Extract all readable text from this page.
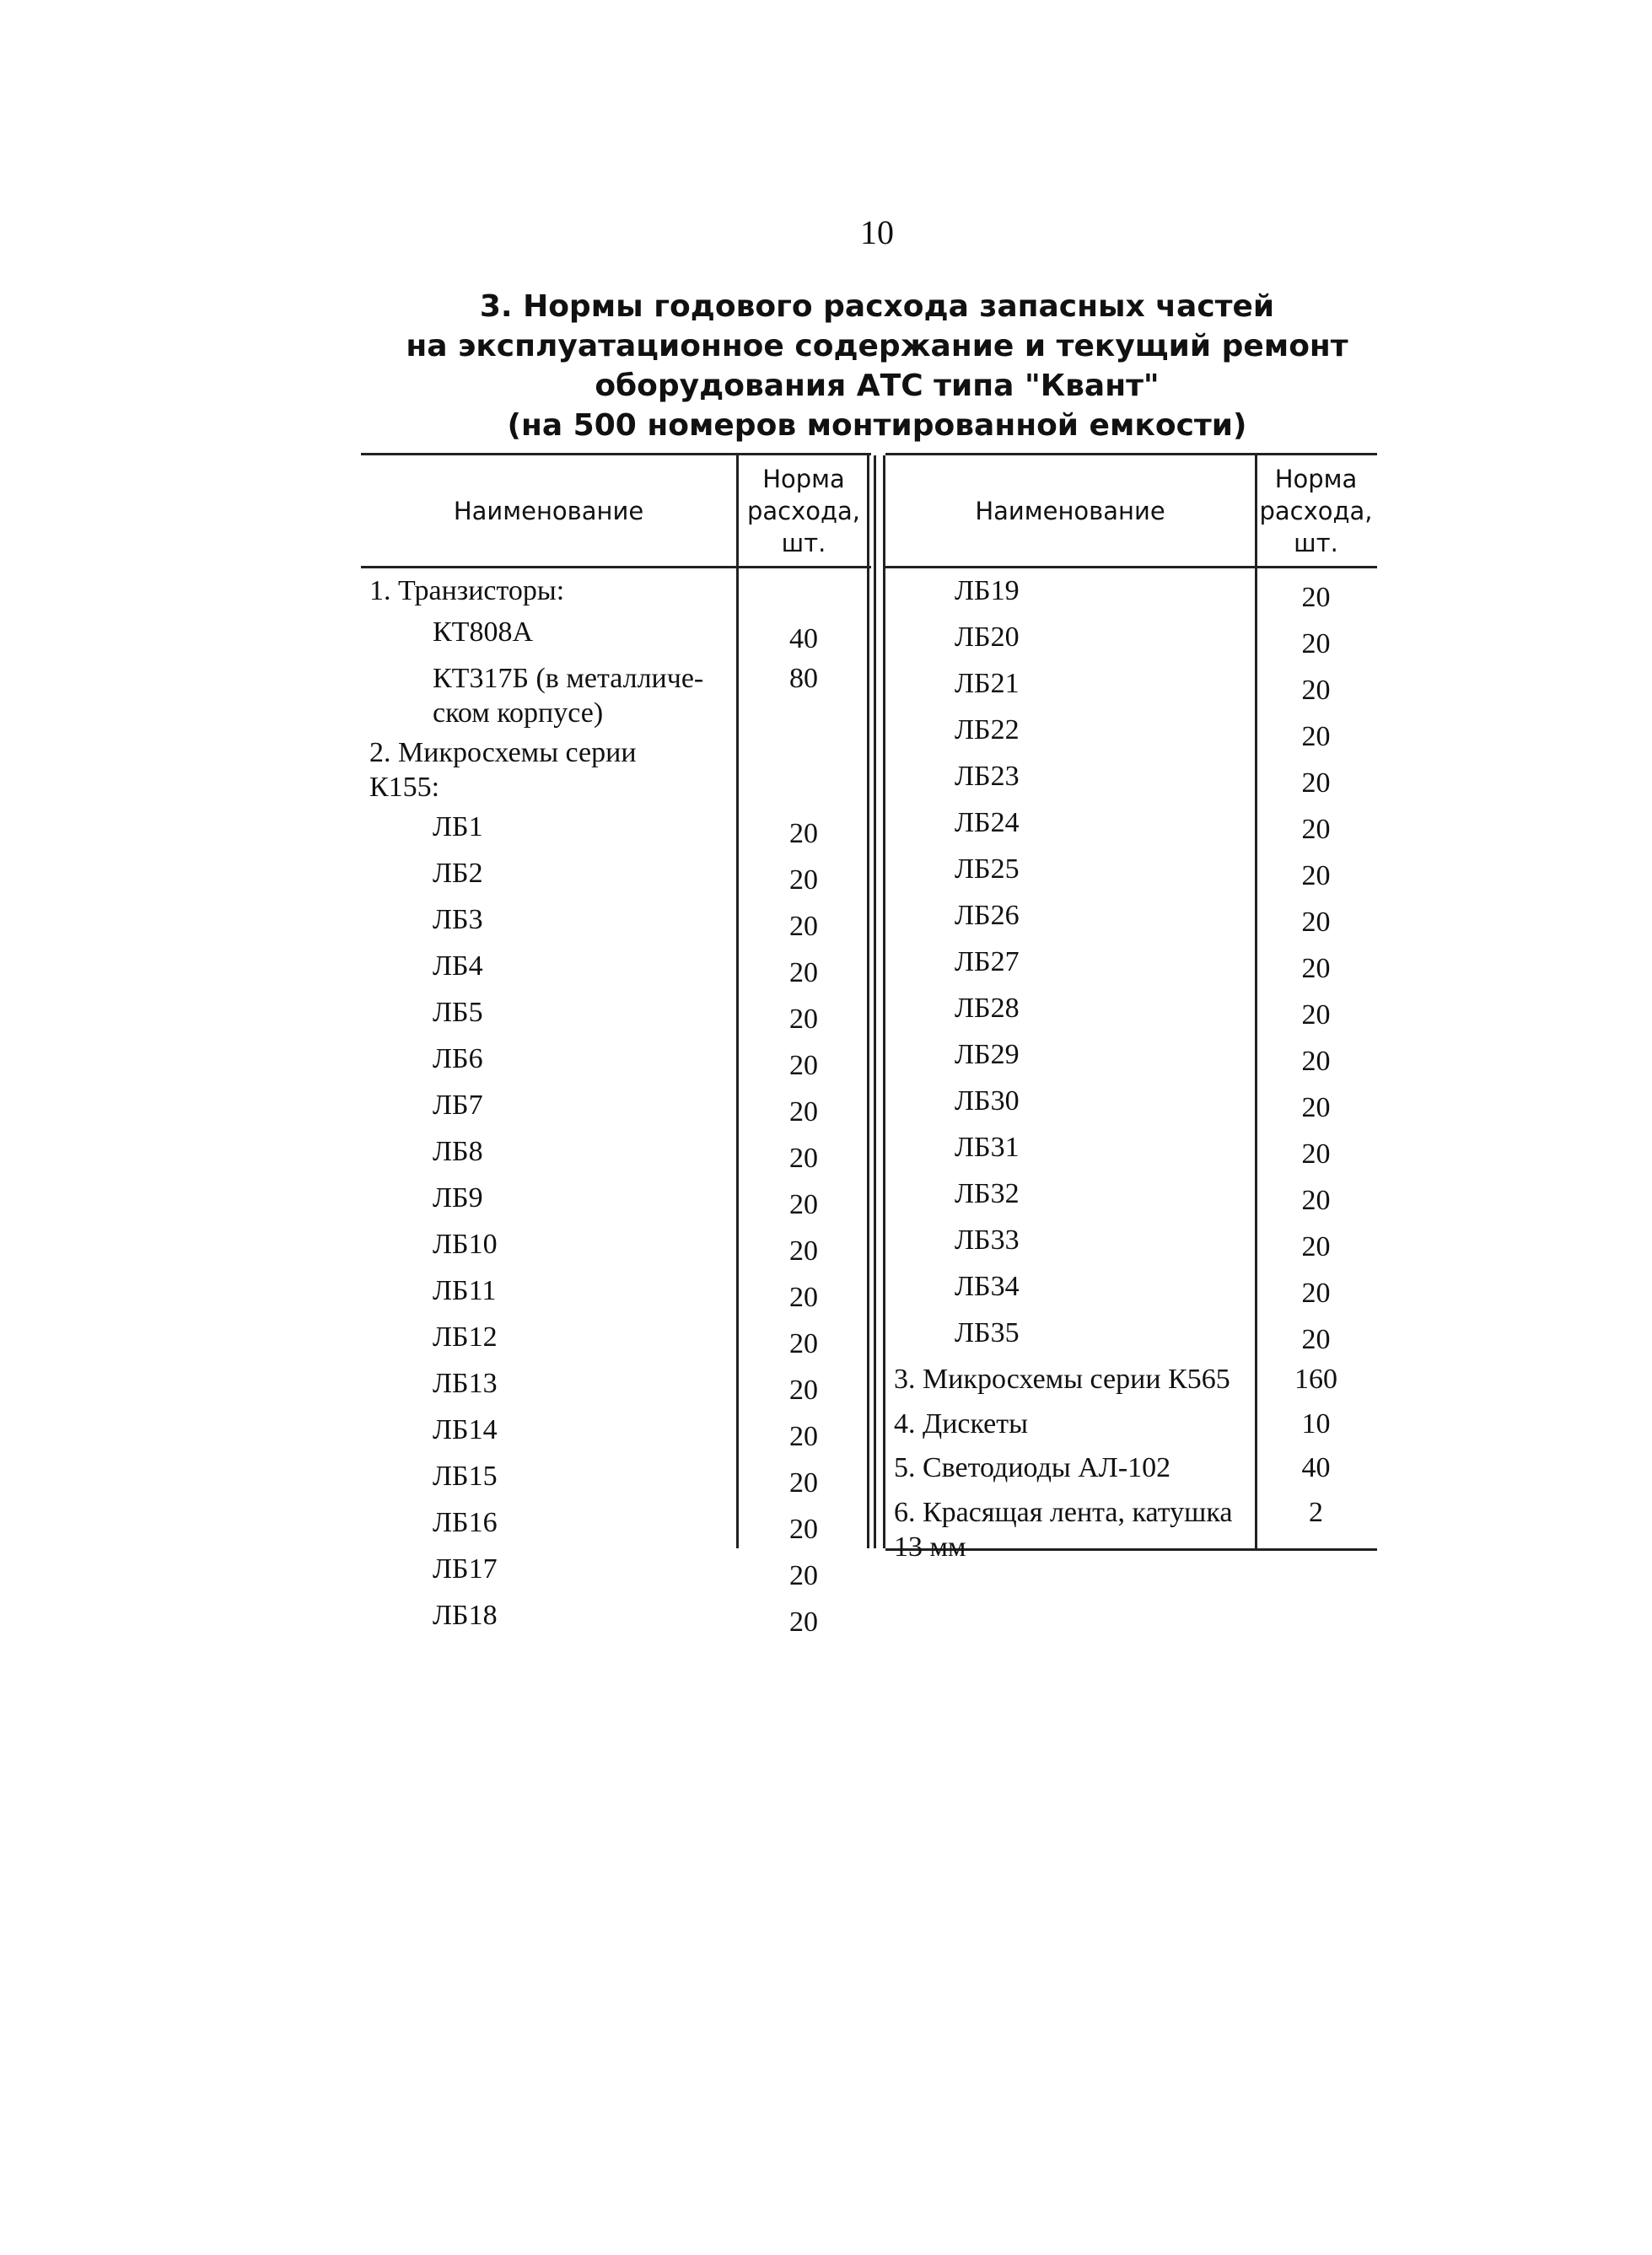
10
3. Нормы годового расхода запасных частей
на эксплуатационное содержание и текущий ремонт
оборудования АТС типа "Квант"
(на 500 номеров монтированной емкости)
Наименование
Норма
расхода,
шт.
1. Транзисторы:
КТ808А	40
КТ317Б (в металличе-
ском корпусе)
80
2. Микросхемы серии
К155:
ЛБ1	20
ЛБ2	20
ЛБ3	20
ЛБ4	20
ЛБ5	20
ЛБ6	20
ЛБ7	20
ЛБ8	20
ЛБ9	20
ЛБ10	20
ЛБ11	20
ЛБ12	20
ЛБ13	20
ЛБ14	20
ЛБ15	20
ЛБ16	20
ЛБ17	20
ЛБ18	20
Наименование
Норма
расхода,
шт.
ЛБ19	20
ЛБ20	20
ЛБ21	20
ЛБ22	20
ЛБ23	20
ЛБ24	20
ЛБ25	20
ЛБ26	20
ЛБ27	20
ЛБ28	20
ЛБ29	20
ЛБ30	20
ЛБ31	20
ЛБ32	20
ЛБ33	20
ЛБ34	20
ЛБ35	20
3. Микросхемы серии К565	160
4. Дискеты	10
5. Светодиоды АЛ-102	40
6. Красящая лента, катушка
13 мм
2
